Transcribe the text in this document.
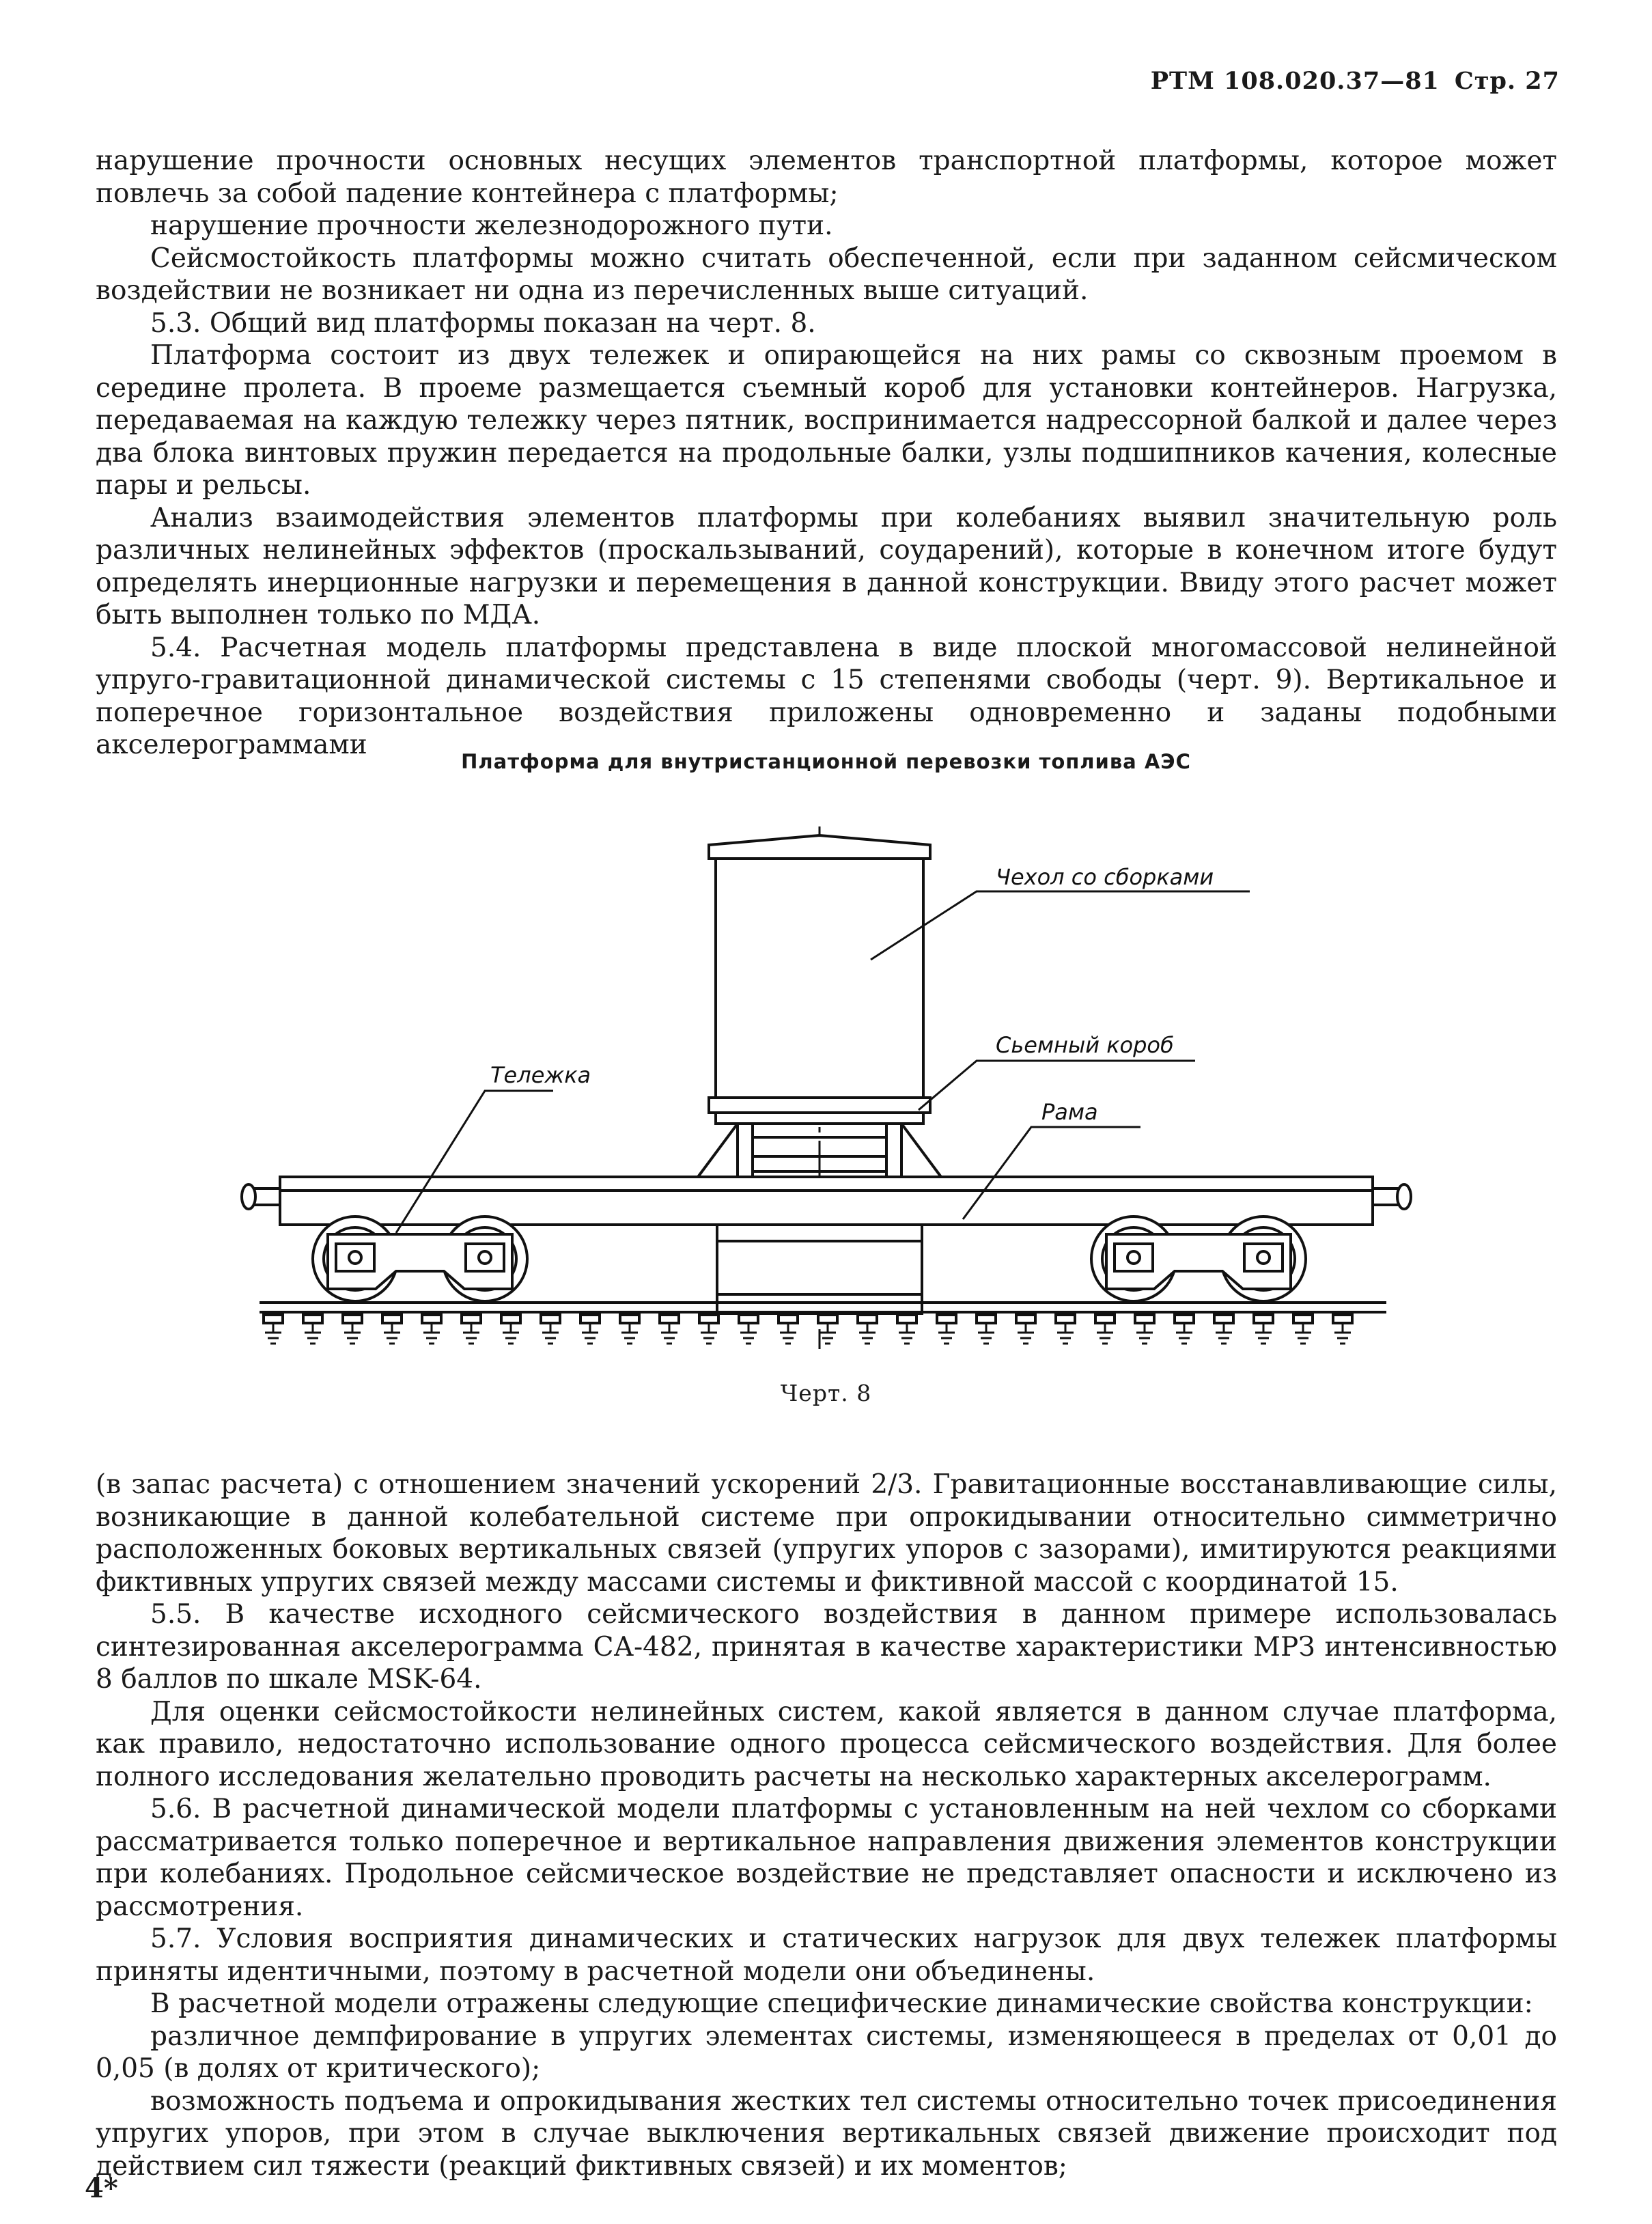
РТМ 108.020.37—81 Стр. 27

нарушение прочности основных несущих элементов транспортной платформы, которое может повлечь за собой падение контейнера с платформы;

нарушение прочности железнодорожного пути.

Сейсмостойкость платформы можно считать обеспеченной, если при заданном сейсмическом воздействии не возникает ни одна из перечисленных выше ситуаций.

5.3. Общий вид платформы показан на черт. 8.

Платформа состоит из двух тележек и опирающейся на них рамы со сквозным проемом в середине пролета. В проеме размещается съемный короб для установки контейнеров. Нагрузка, передаваемая на каждую тележку через пятник, воспринимается надрессорной балкой и далее через два блока винтовых пружин передается на продольные балки, узлы подшипников качения, колесные пары и рельсы.

Анализ взаимодействия элементов платформы при колебаниях выявил значительную роль различных нелинейных эффектов (проскальзываний, соударений), которые в конечном итоге будут определять инерционные нагрузки и перемещения в данной конструкции. Ввиду этого расчет может быть выполнен только по МДА.

5.4. Расчетная модель платформы представлена в виде плоской многомассовой нелинейной упруго-гравитационной динамической системы с 15 степенями свободы (черт. 9). Вертикальное и поперечное горизонтальное воздействия приложены одновременно и заданы подобными акселерограммами

Платформа для внутристанционной перевозки топлива АЭС
Чехол со сборками
Сьемный короб
Тележка
Рама
Черт. 8

(в запас расчета) с отношением значений ускорений 2/3. Гравитационные восстанавливающие силы, возникающие в данной колебательной системе при опрокидывании относительно симметрично расположенных боковых вертикальных связей (упругих упоров с зазорами), имитируются реакциями фиктивных упругих связей между массами системы и фиктивной массой с координатой 15.

5.5. В качестве исходного сейсмического воздействия в данном примере использовалась синтезированная акселерограмма СА-482, принятая в качестве характеристики МРЗ интенсивностью 8 баллов по шкале MSK-64.

Для оценки сейсмостойкости нелинейных систем, какой является в данном случае платформа, как правило, недостаточно использование одного процесса сейсмического воздействия. Для более полного исследования желательно проводить расчеты на несколько характерных акселерограмм.

5.6. В расчетной динамической модели платформы с установленным на ней чехлом со сборками рассматривается только поперечное и вертикальное направления движения элементов конструкции при колебаниях. Продольное сейсмическое воздействие не представляет опасности и исключено из рассмотрения.

5.7. Условия восприятия динамических и статических нагрузок для двух тележек платформы приняты идентичными, поэтому в расчетной модели они объединены.

В расчетной модели отражены следующие специфические динамические свойства конструкции:

различное демпфирование в упругих элементах системы, изменяющееся в пределах от 0,01 до 0,05 (в долях от критического);

возможность подъема и опрокидывания жестких тел системы относительно точек присоединения упругих упоров, при этом в случае выключения вертикальных связей движение происходит под действием сил тяжести (реакций фиктивных связей) и их моментов;

4*
